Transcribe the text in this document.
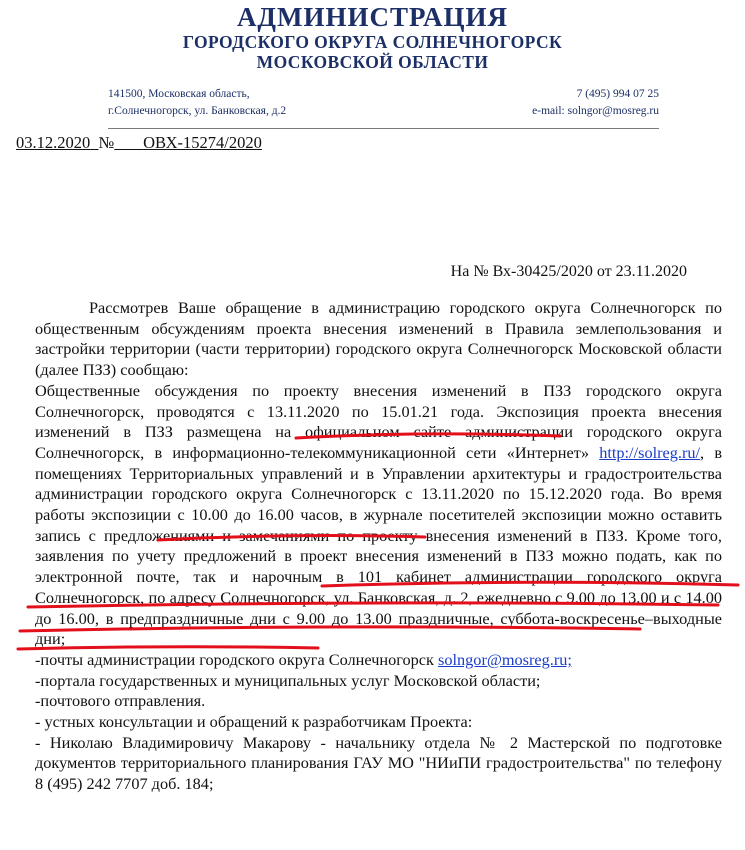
АДМИНИСТРАЦИЯ
ГОРОДСКОГО ОКРУГА СОЛНЕЧНОГОРСК
МОСКОВСКОЙ ОБЛАСТИ
141500, Московская область,
г.Солнечногорск, ул. Банковская, д.2
7 (495) 994 07 25
e-mail: solngor@mosreg.ru
03.12.2020 № ОВХ-15274/2020
На № Вх-30425/2020 от 23.11.2020

Рассмотрев Ваше обращение в администрацию городского округа Солнечногорск по общественным обсуждениям проекта внесения изменений в Правила землепользования и застройки территории (части территории) городского округа Солнечногорск Московской области (далее ПЗЗ) сообщаю:

Общественные обсуждения по проекту внесения изменений в ПЗЗ городского округа Солнечногорск, проводятся с 13.11.2020 по 15.01.21 года. Экспозиция проекта внесения изменений в ПЗЗ размещена на официальном сайте администрации городского округа Солнечногорск, в информационно-телекоммуникационной сети «Интернет» http://solreg.ru/, в помещениях Территориальных управлений и в Управлении архитектуры и градостроительства администрации городского округа Солнечногорск с 13.11.2020 по 15.12.2020 года. Во время работы экспозиции с 10.00 до 16.00 часов, в журнале посетителей экспозиции можно оставить запись с предложениями и замечаниями по проекту внесения изменений в ПЗЗ. Кроме того, заявления по учету предложений в проект внесения изменений в ПЗЗ можно подать, как по электронной почте, так и нарочным в 101 кабинет администрации городского округа Солнечногорск, по адресу Солнечногорск, ул. Банковская, д. 2, ежедневно с 9.00 до 13.00 и с 14.00 до 16.00, в предпраздничные дни с 9.00 до 13.00 праздничные, суббота-воскресенье–выходные дни;

-почты администрации городского округа Солнечногорск solngor@mosreg.ru;

-портала государственных и муниципальных услуг Московской области;

-почтового отправления.

- устных консультации и обращений к разработчикам Проекта:

- Николаю Владимировичу Макарову - начальнику отдела № 2 Мастерской по подготовке документов территориального планирования ГАУ МО "НИиПИ градостроительства" по телефону 8 (495) 242 7707 доб. 184;
